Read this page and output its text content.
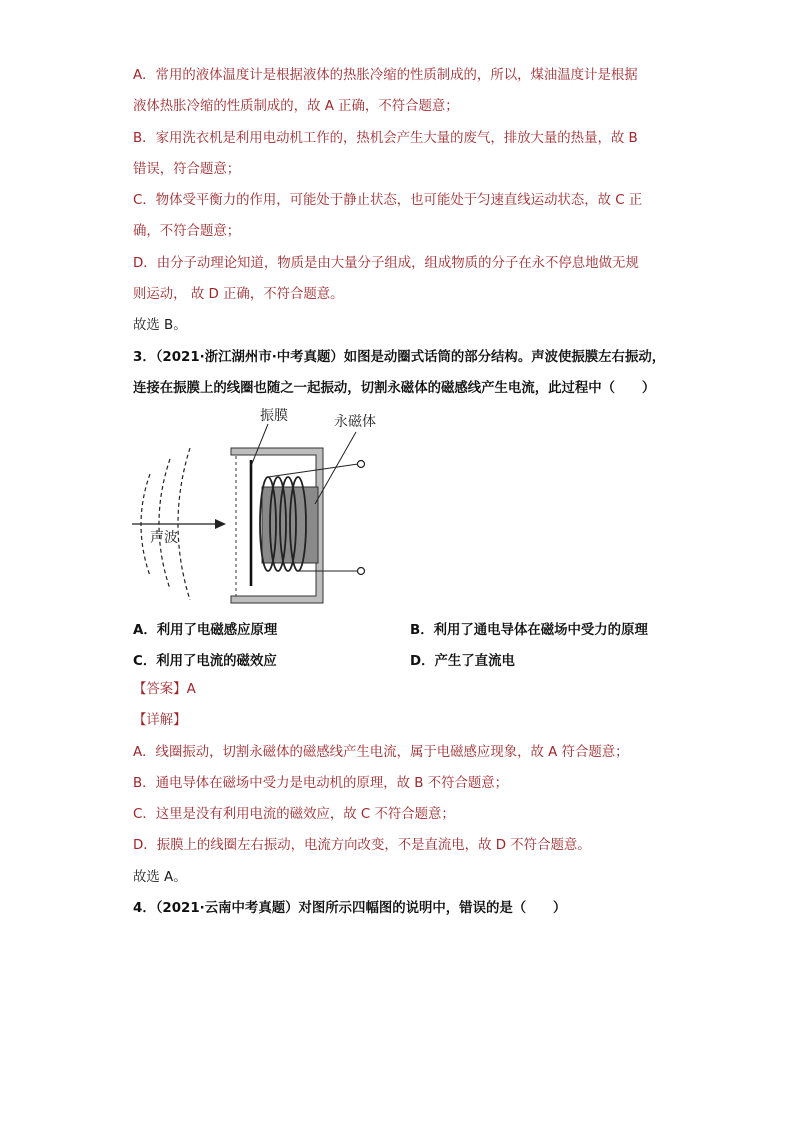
A．常用的液体温度计是根据液体的热胀冷缩的性质制成的，所以，煤油温度计是根据
液体热胀冷缩的性质制成的，故 A 正确，不符合题意；
B．家用洗衣机是利用电动机工作的，热机会产生大量的废气，排放大量的热量，故 B
错误，符合题意；
C．物体受平衡力的作用，可能处于静止状态，也可能处于匀速直线运动状态，故 C 正
确，不符合题意；
D．由分子动理论知道，物质是由大量分子组成，组成物质的分子在永不停息地做无规
则运动， 故 D 正确，不符合题意。
故选 B。
3．（2021·浙江湖州市·中考真题）如图是动圈式话筒的部分结构。声波使振膜左右振动，
连接在振膜上的线圈也随之一起振动，切割永磁体的磁感线产生电流，此过程中（　　）
声波
振膜	永磁体
A．利用了电磁感应原理	B．利用了通电导体在磁场中受力的原理
C．利用了电流的磁效应	D．产生了直流电
【答案】A
【详解】
A．线圈振动，切割永磁体的磁感线产生电流，属于电磁感应现象，故 A 符合题意；
B．通电导体在磁场中受力是电动机的原理，故 B 不符合题意；
C．这里是没有利用电流的磁效应，故 C 不符合题意；
D．振膜上的线圈左右振动，电流方向改变，不是直流电，故 D 不符合题意。
故选 A。
4．（2021·云南中考真题）对图所示四幅图的说明中，错误的是（　　）
